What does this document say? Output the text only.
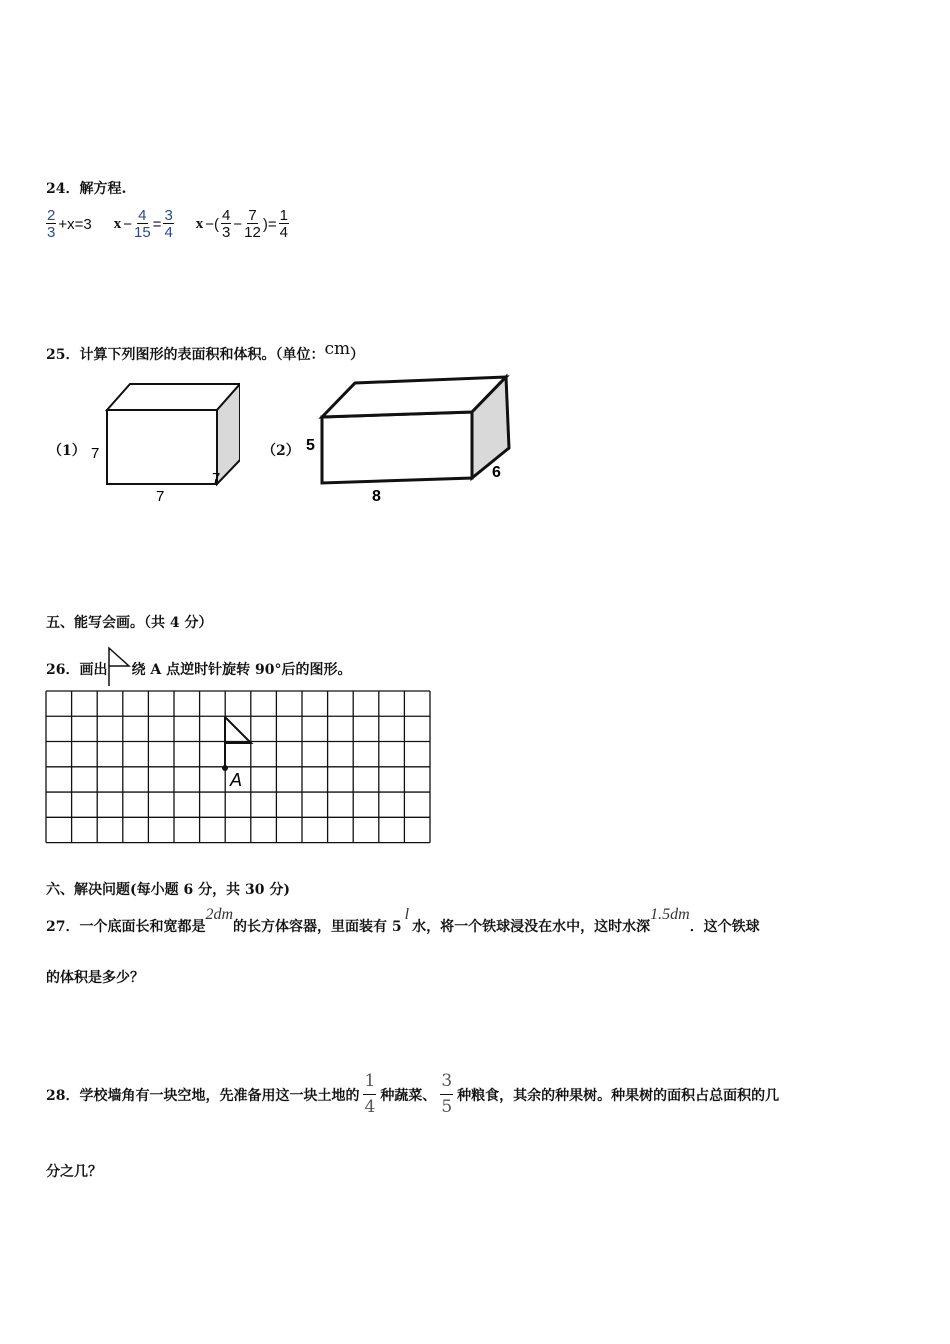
24．解方程.
$\frac{2}{3} +x=3$ $x - \frac{4}{15} = \frac{3}{4}$ x −( $\frac{4}{3} - \frac{7}{12}$ )= $\frac{1}{4}$
25．计算下列图形的表面积和体积。（单位：cm）
（1） 7
7
7
（2） 5
8
6
五、能写会画。（共 4 分）
26．画出 绕 A 点逆时针旋转 90°后的图形。
A
六、解决问题(每小题 6 分，共 30 分)
27．一个底面长和宽都是2dm的长方体容器，里面装有 5l水，将一个铁球浸没在水中，这时水深1.5dm．这个铁球
的体积是多少？
28．学校墙角有一块空地，先准备用这一块土地的 $\frac{1}{4}$ 种蔬菜、 $\frac{3}{5}$ 种粮食，其余的种果树。种果树的面积占总面积的几
分之几？
